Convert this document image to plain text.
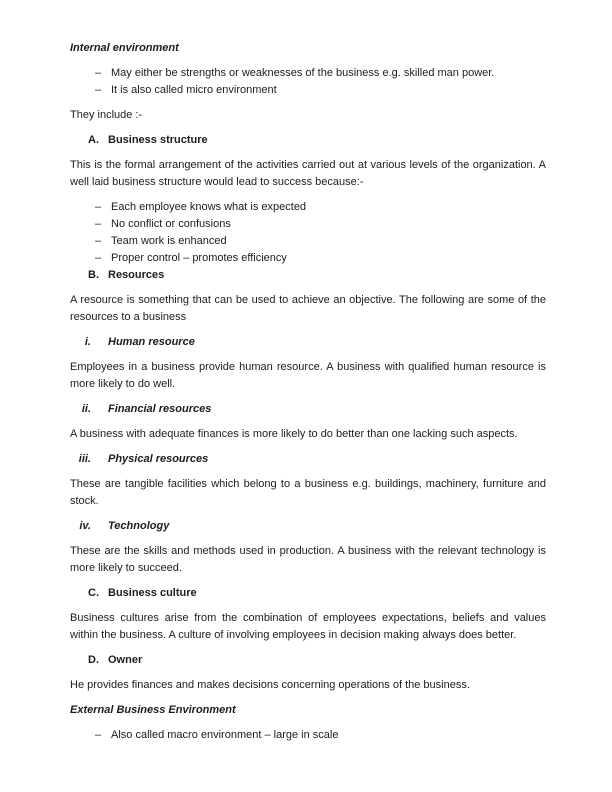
Internal environment

– May either be strengths or weaknesses of the business e.g. skilled man power.
– It is also called micro environment

They include :-

A. Business structure

This is the formal arrangement of the activities carried out at various levels of the organization. A well laid business structure would lead to success because:-

– Each employee knows what is expected
– No conflict or confusions
– Team work is enhanced
– Proper control – promotes efficiency
B. Resources

A resource is something that can be used to achieve an objective. The following are some of the resources to a business

i. Human resource

Employees in a business provide human resource. A business with qualified human resource is more likely to do well.

ii. Financial resources

A business with adequate finances is more likely to do better than one lacking such aspects.

iii. Physical resources

These are tangible facilities which belong to a business e.g. buildings, machinery, furniture and stock.

iv. Technology

These are the skills and methods used in production. A business with the relevant technology is more likely to succeed.

C. Business culture

Business cultures arise from the combination of employees expectations, beliefs and values within the business. A culture of involving employees in decision making always does better.

D. Owner

He provides finances and makes decisions concerning operations of the business.

External Business Environment

– Also called macro environment – large in scale
